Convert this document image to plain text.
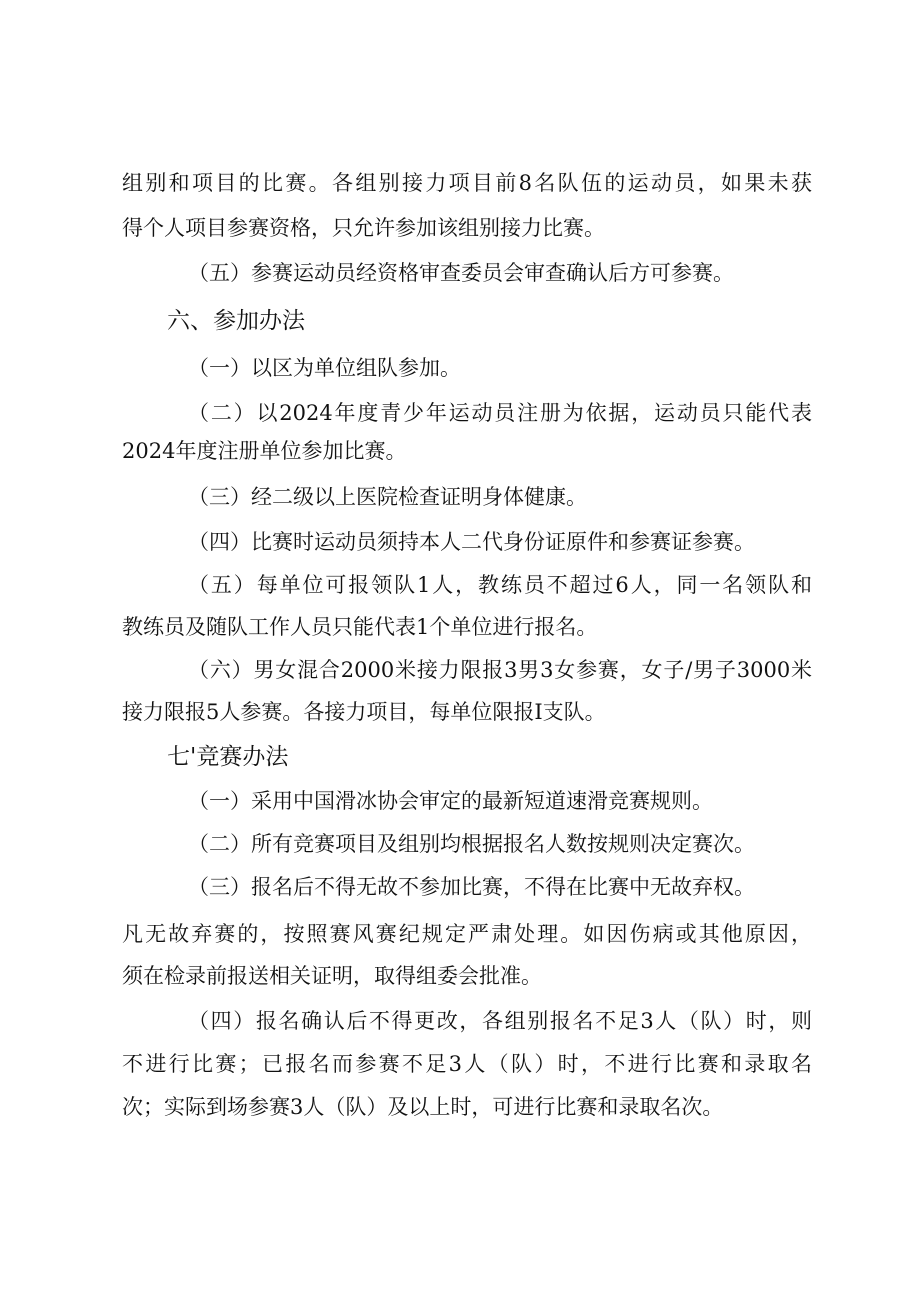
组别和项目的比赛。各组别接力项目前8名队伍的运动员，如果未获
得个人项目参赛资格，只允许参加该组别接力比赛。
（五）参赛运动员经资格审查委员会审查确认后方可参赛。
六、参加办法
（一）以区为单位组队参加。
（二）以2024年度青少年运动员注册为依据，运动员只能代表
2024年度注册单位参加比赛。
（三）经二级以上医院检查证明身体健康。
（四）比赛时运动员须持本人二代身份证原件和参赛证参赛。
（五）每单位可报领队1人，教练员不超过6人，同一名领队和
教练员及随队工作人员只能代表1个单位进行报名。
（六）男女混合2000米接力限报3男3女参赛，女子/男子3000米
接力限报5人参赛。各接力项目，每单位限报I支队。
七'竞赛办法
（一）采用中国滑冰协会审定的最新短道速滑竞赛规则。
（二）所有竞赛项目及组别均根据报名人数按规则决定赛次。
（三）报名后不得无故不参加比赛，不得在比赛中无故弃权。
凡无故弃赛的，按照赛风赛纪规定严肃处理。如因伤病或其他原因，
须在检录前报送相关证明，取得组委会批准。
（四）报名确认后不得更改，各组别报名不足3人（队）时，则
不进行比赛；已报名而参赛不足3人（队）时，不进行比赛和录取名
次；实际到场参赛3人（队）及以上时，可进行比赛和录取名次。
